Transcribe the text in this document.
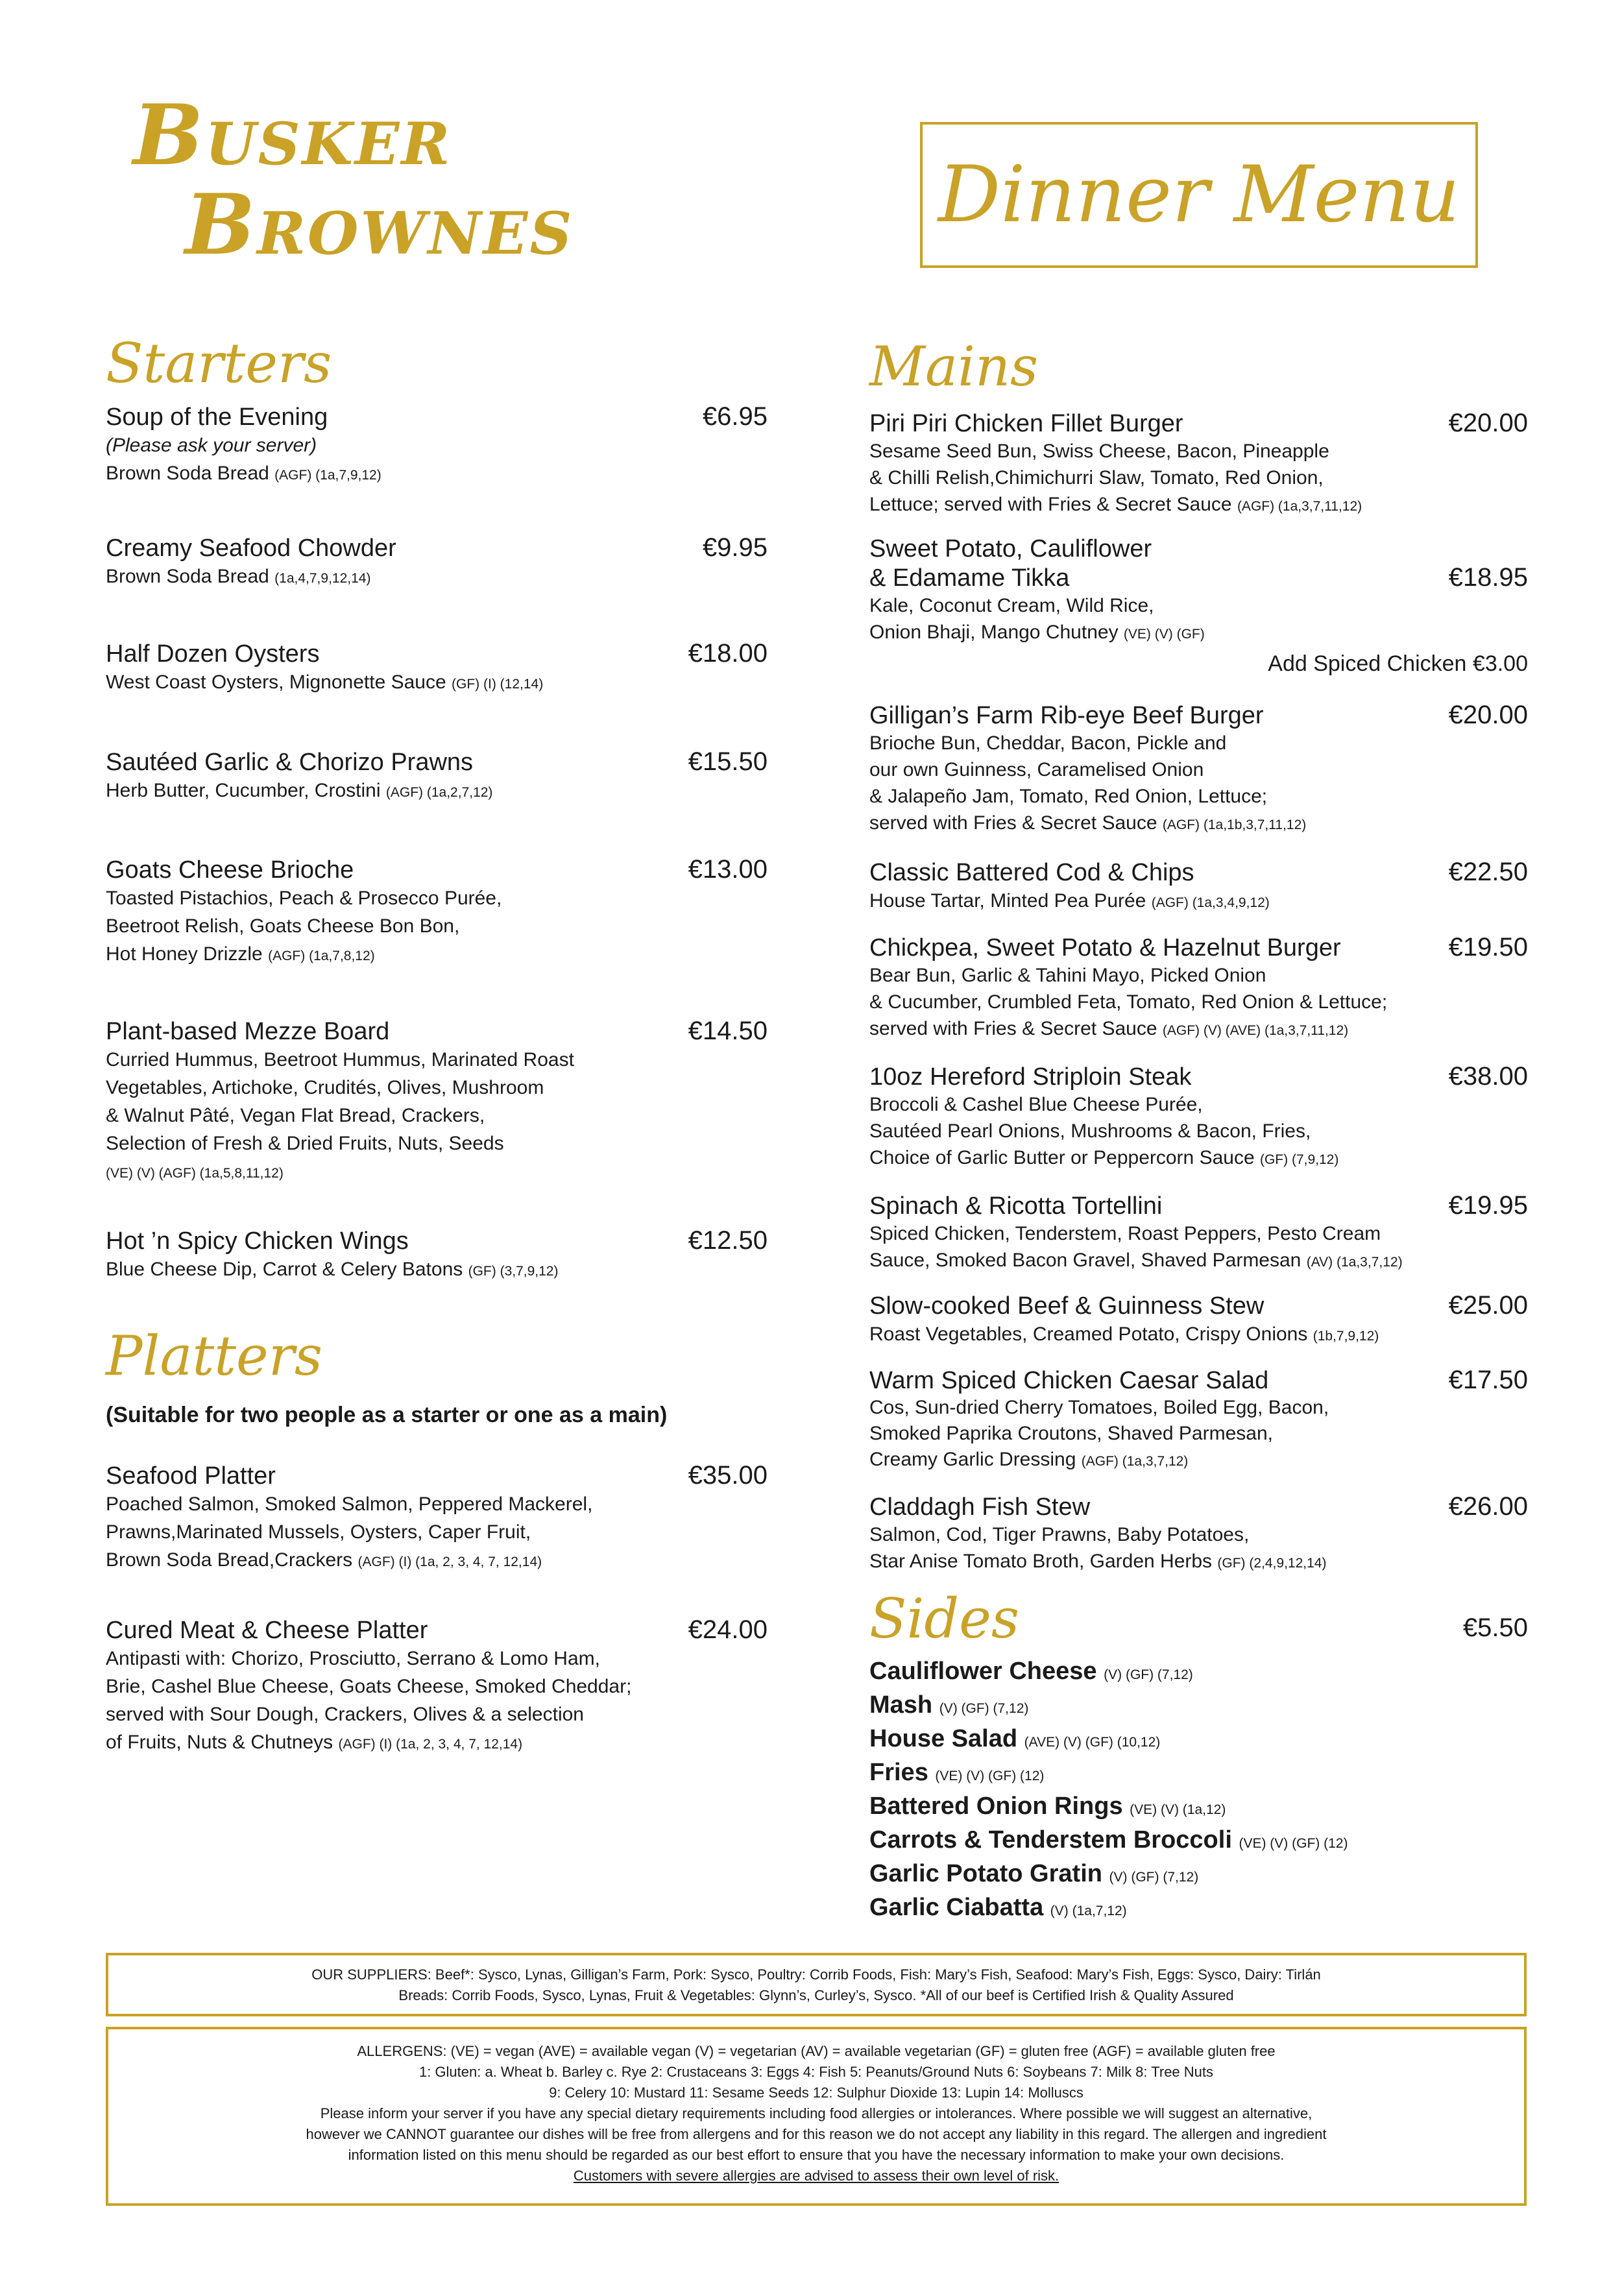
Busker
Brownes	Dinner Menu
Starters
Soup of the Evening	€6.95
(Please ask your server)
Brown Soda Bread (AGF) (1a,7,9,12)
Creamy Seafood Chowder	€9.95
Brown Soda Bread (1a,4,7,9,12,14)
Half Dozen Oysters	€18.00
West Coast Oysters, Mignonette Sauce (GF) (I) (12,14)
Sautéed Garlic & Chorizo Prawns	€15.50
Herb Butter, Cucumber, Crostini (AGF) (1a,2,7,12)
Goats Cheese Brioche	€13.00
Toasted Pistachios, Peach & Prosecco Purée,
Beetroot Relish, Goats Cheese Bon Bon,
Hot Honey Drizzle (AGF) (1a,7,8,12)
Plant-based Mezze Board	€14.50
Curried Hummus, Beetroot Hummus, Marinated Roast
Vegetables, Artichoke, Crudités, Olives, Mushroom
& Walnut Pâté, Vegan Flat Bread, Crackers,
Selection of Fresh & Dried Fruits, Nuts, Seeds
(VE) (V) (AGF) (1a,5,8,11,12)
Hot ’n Spicy Chicken Wings	€12.50
Blue Cheese Dip, Carrot & Celery Batons (GF) (3,7,9,12)
Platters
(Suitable for two people as a starter or one as a main)
Seafood Platter	€35.00
Poached Salmon, Smoked Salmon, Peppered Mackerel,
Prawns,Marinated Mussels, Oysters, Caper Fruit,
Brown Soda Bread,Crackers (AGF) (I) (1a, 2, 3, 4, 7, 12,14)
Cured Meat & Cheese Platter	€24.00
Antipasti with: Chorizo, Prosciutto, Serrano & Lomo Ham,
Brie, Cashel Blue Cheese, Goats Cheese, Smoked Cheddar;
served with Sour Dough, Crackers, Olives & a selection
of Fruits, Nuts & Chutneys (AGF) (I) (1a, 2, 3, 4, 7, 12,14)
Mains
Piri Piri Chicken Fillet Burger	€20.00
Sesame Seed Bun, Swiss Cheese, Bacon, Pineapple
& Chilli Relish,Chimichurri Slaw, Tomato, Red Onion,
Lettuce; served with Fries & Secret Sauce (AGF) (1a,3,7,11,12)
Sweet Potato, Cauliflower
& Edamame Tikka	€18.95
Kale, Coconut Cream, Wild Rice,
Onion Bhaji, Mango Chutney (VE) (V) (GF)
Add Spiced Chicken €3.00
Gilligan’s Farm Rib-eye Beef Burger	€20.00
Brioche Bun, Cheddar, Bacon, Pickle and
our own Guinness, Caramelised Onion
& Jalapeño Jam, Tomato, Red Onion, Lettuce;
served with Fries & Secret Sauce (AGF) (1a,1b,3,7,11,12)
Classic Battered Cod & Chips	€22.50
House Tartar, Minted Pea Purée (AGF) (1a,3,4,9,12)
Chickpea, Sweet Potato & Hazelnut Burger	€19.50
Bear Bun, Garlic & Tahini Mayo, Picked Onion
& Cucumber, Crumbled Feta, Tomato, Red Onion & Lettuce;
served with Fries & Secret Sauce (AGF) (V) (AVE) (1a,3,7,11,12)
10oz Hereford Striploin Steak	€38.00
Broccoli & Cashel Blue Cheese Purée,
Sautéed Pearl Onions, Mushrooms & Bacon, Fries,
Choice of Garlic Butter or Peppercorn Sauce (GF) (7,9,12)
Spinach & Ricotta Tortellini	€19.95
Spiced Chicken, Tenderstem, Roast Peppers, Pesto Cream
Sauce, Smoked Bacon Gravel, Shaved Parmesan (AV) (1a,3,7,12)
Slow-cooked Beef & Guinness Stew	€25.00
Roast Vegetables, Creamed Potato, Crispy Onions (1b,7,9,12)
Warm Spiced Chicken Caesar Salad	€17.50
Cos, Sun-dried Cherry Tomatoes, Boiled Egg, Bacon,
Smoked Paprika Croutons, Shaved Parmesan,
Creamy Garlic Dressing (AGF) (1a,3,7,12)
Claddagh Fish Stew	€26.00
Salmon, Cod, Tiger Prawns, Baby Potatoes,
Star Anise Tomato Broth, Garden Herbs (GF) (2,4,9,12,14)
Sides	€5.50
Cauliflower Cheese (V) (GF) (7,12)
Mash (V) (GF) (7,12)
House Salad (AVE) (V) (GF) (10,12)
Fries (VE) (V) (GF) (12)
Battered Onion Rings (VE) (V) (1a,12)
Carrots & Tenderstem Broccoli (VE) (V) (GF) (12)
Garlic Potato Gratin (V) (GF) (7,12)
Garlic Ciabatta (V) (1a,7,12)

OUR SUPPLIERS: Beef*: Sysco, Lynas, Gilligan’s Farm, Pork: Sysco, Poultry: Corrib Foods, Fish: Mary’s Fish, Seafood: Mary’s Fish, Eggs: Sysco, Dairy: Tirlán

Breads: Corrib Foods, Sysco, Lynas, Fruit & Vegetables: Glynn’s, Curley’s, Sysco. *All of our beef is Certified Irish & Quality Assured

ALLERGENS: (VE) = vegan (AVE) = available vegan (V) = vegetarian (AV) = available vegetarian (GF) = gluten free (AGF) = available gluten free

1: Gluten: a. Wheat b. Barley c. Rye 2: Crustaceans 3: Eggs 4: Fish 5: Peanuts/Ground Nuts 6: Soybeans 7: Milk 8: Tree Nuts

9: Celery 10: Mustard 11: Sesame Seeds 12: Sulphur Dioxide 13: Lupin 14: Molluscs

Please inform your server if you have any special dietary requirements including food allergies or intolerances. Where possible we will suggest an alternative,

however we CANNOT guarantee our dishes will be free from allergens and for this reason we do not accept any liability in this regard. The allergen and ingredient

information listed on this menu should be regarded as our best effort to ensure that you have the necessary information to make your own decisions.

Customers with severe allergies are advised to assess their own level of risk.
